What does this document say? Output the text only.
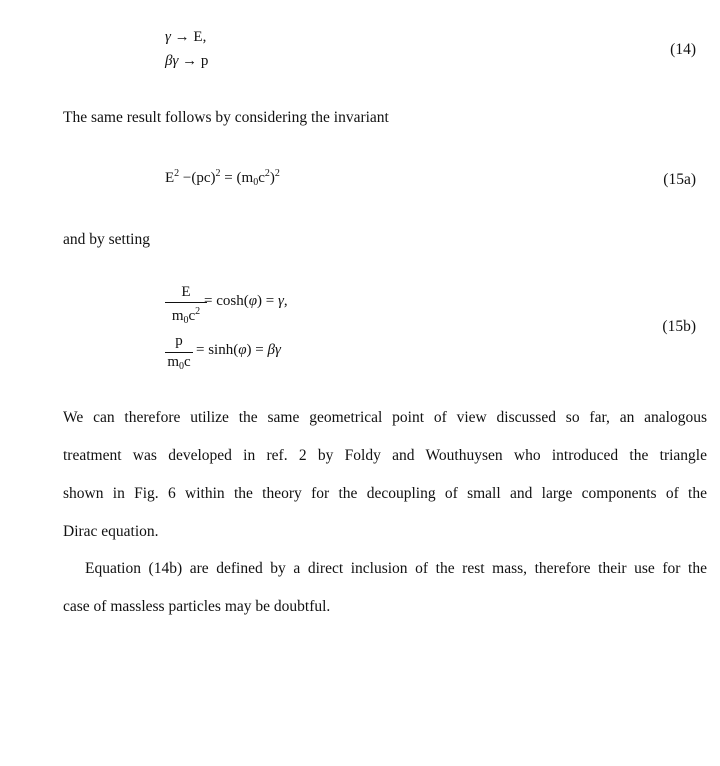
γ → E,
βγ → p
(14)
The same result follows by considering the invariant
$E^2 -(pc)^2 = (m_0c^2)^2$	(15a)
and by setting
E
$m_0c^2$
= cosh(φ) = γ,
p
$m_0c$
= sinh(φ) = βγ
(15b)
We can therefore utilize the same geometrical point of view discussed so far, an analogous
treatment was developed in ref. 2 by Foldy and Wouthuysen who introduced the triangle
shown in Fig. 6 within the theory for the decoupling of small and large components of the
Dirac equation.
Equation (14b) are defined by a direct inclusion of the rest mass, therefore their use for the
case of massless particles may be doubtful.
